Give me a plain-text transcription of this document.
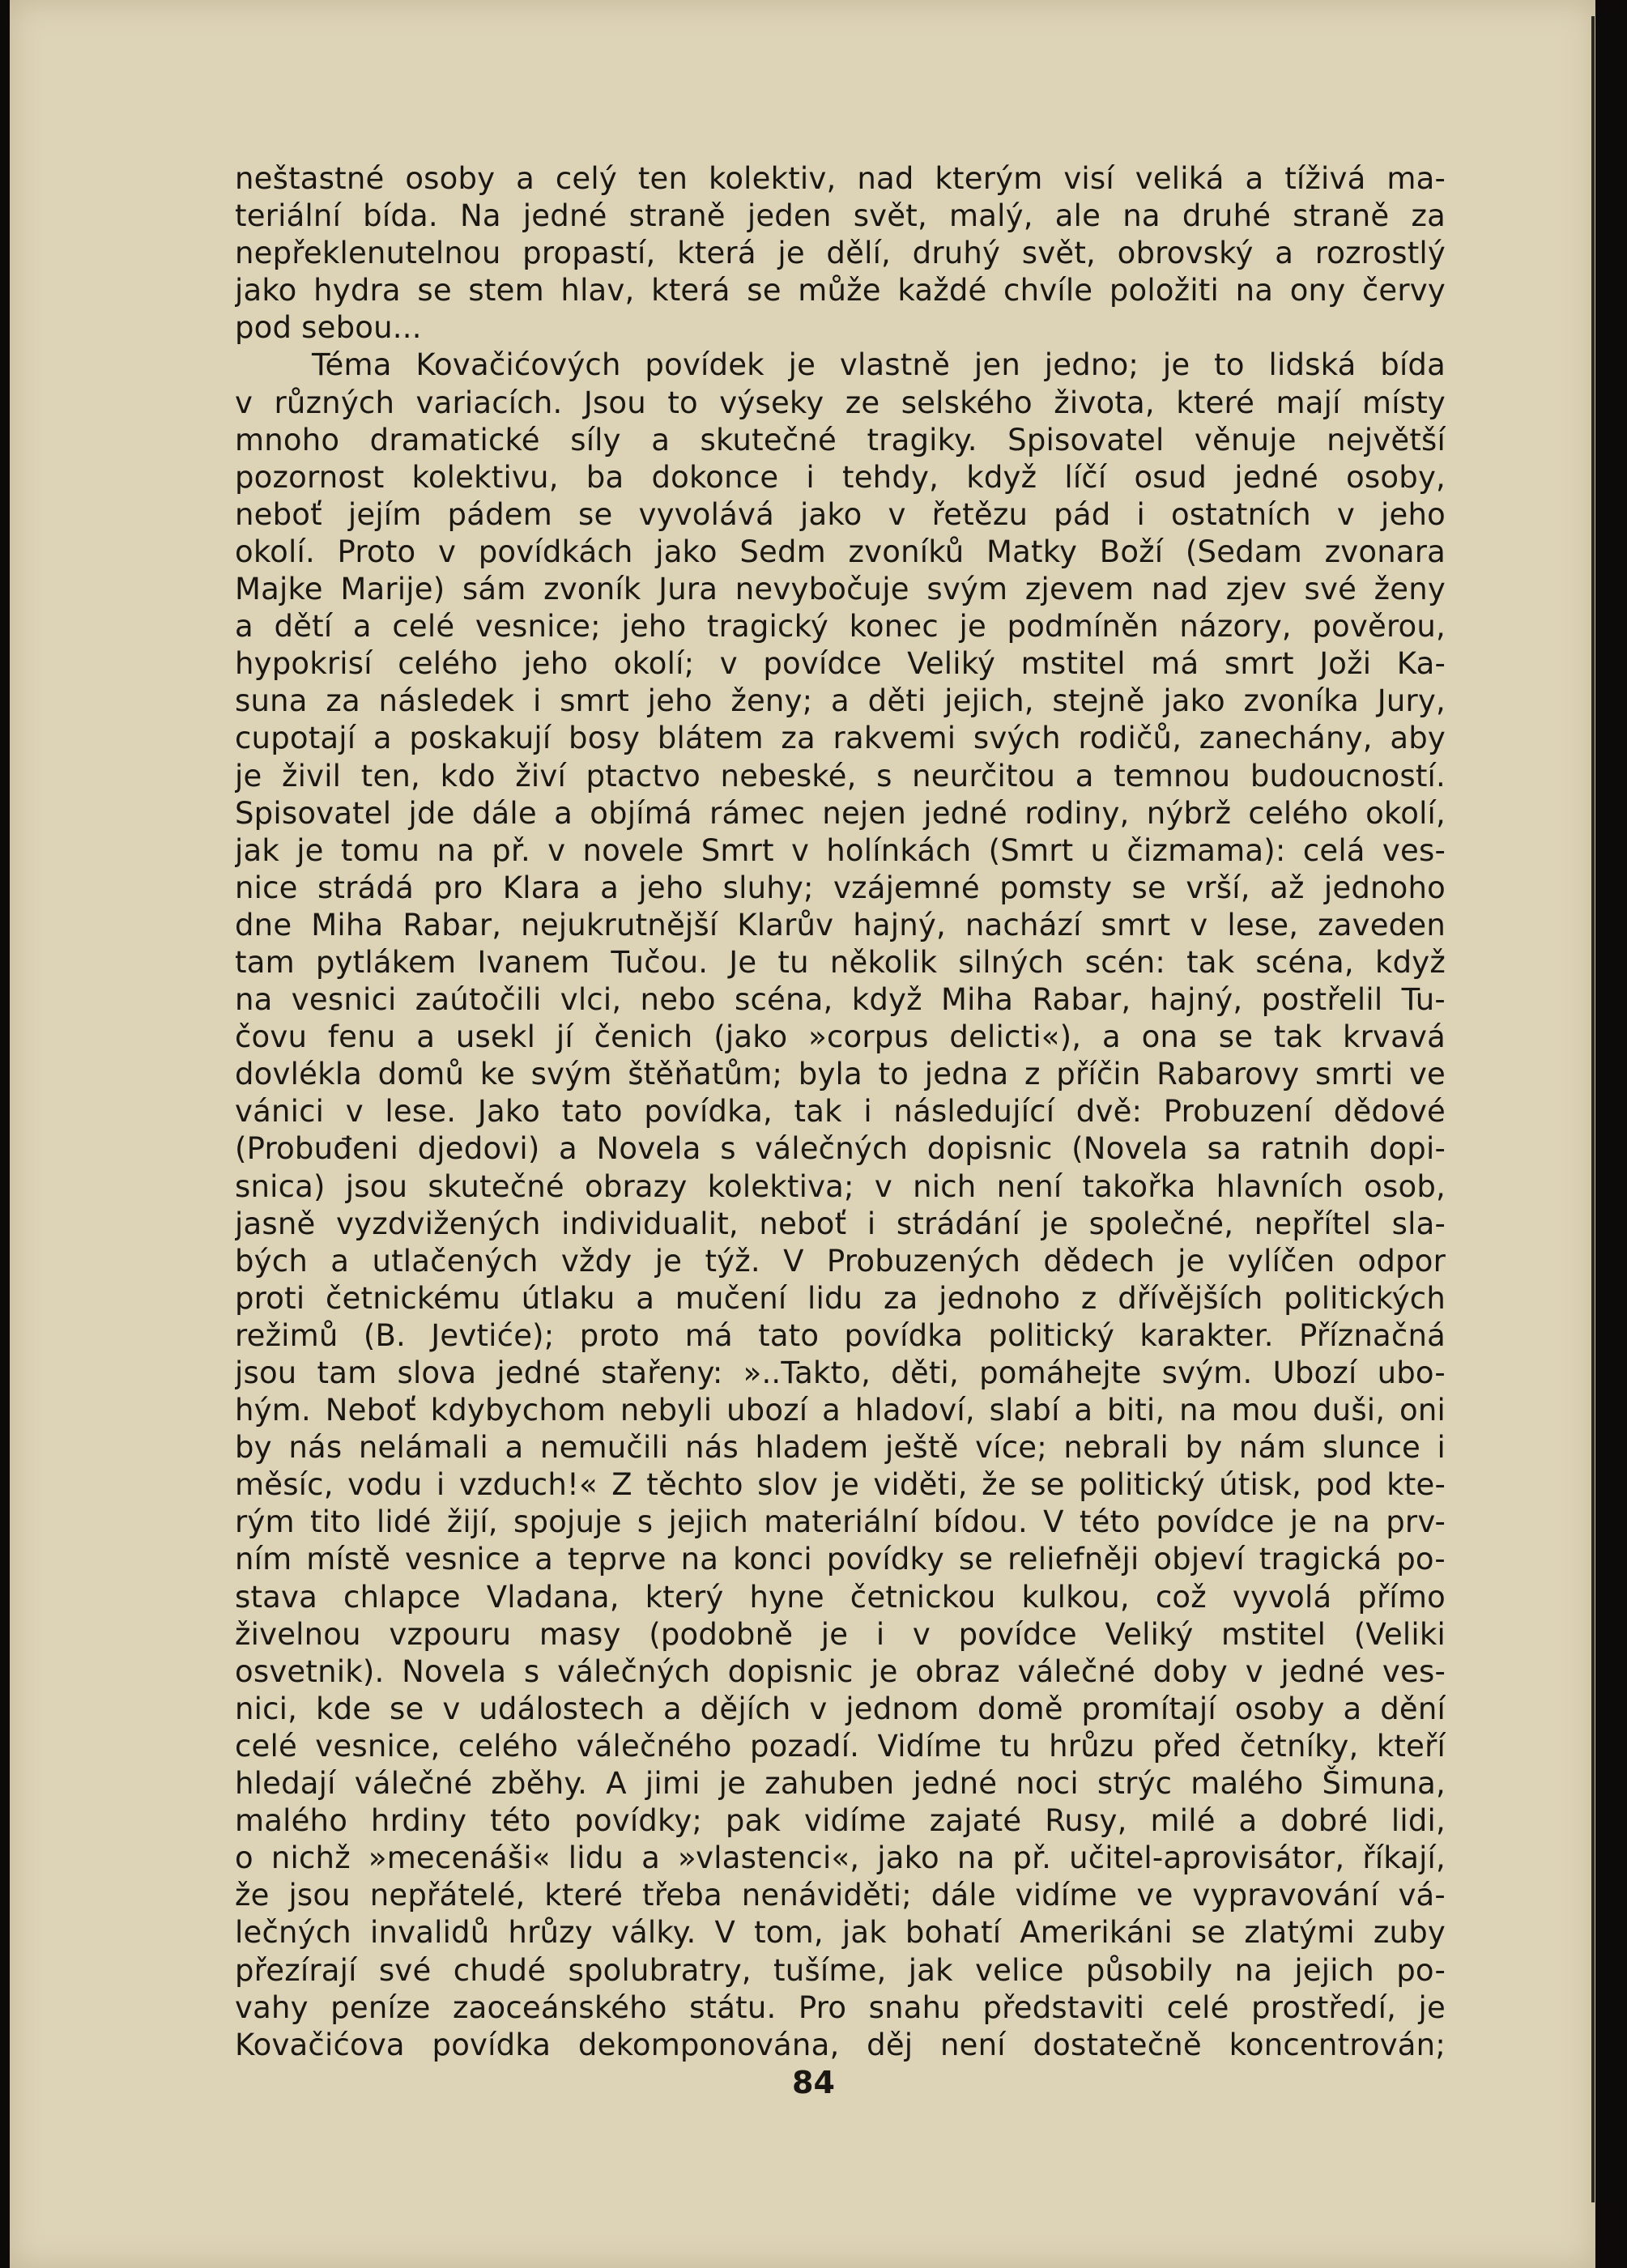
neštastné osoby a celý ten kolektiv, nad kterým visí veliká a tíživá ma-
teriální bída. Na jedné straně jeden svět, malý, ale na druhé straně za
nepřeklenutelnou propastí, která je dělí, druhý svět, obrovský a rozrostlý
jako hydra se stem hlav, která se může každé chvíle položiti na ony červy
pod sebou...
Téma Kovačićových povídek je vlastně jen jedno; je to lidská bída
v různých variacích. Jsou to výseky ze selského života, které mají místy
mnoho dramatické síly a skutečné tragiky. Spisovatel věnuje největší
pozornost kolektivu, ba dokonce i tehdy, když líčí osud jedné osoby,
neboť jejím pádem se vyvolává jako v řetězu pád i ostatních v jeho
okolí. Proto v povídkách jako Sedm zvoníků Matky Boží (Sedam zvonara
Majke Marije) sám zvoník Jura nevybočuje svým zjevem nad zjev své ženy
a dětí a celé vesnice; jeho tragický konec je podmíněn názory, pověrou,
hypokrisí celého jeho okolí; v povídce Veliký mstitel má smrt Joži Ka-
suna za následek i smrt jeho ženy; a děti jejich, stejně jako zvoníka Jury,
cupotají a poskakují bosy blátem za rakvemi svých rodičů, zanechány, aby
je živil ten, kdo živí ptactvo nebeské, s neurčitou a temnou budoucností.
Spisovatel jde dále a objímá rámec nejen jedné rodiny, nýbrž celého okolí,
jak je tomu na př. v novele Smrt v holínkách (Smrt u čizmama): celá ves-
nice strádá pro Klara a jeho sluhy; vzájemné pomsty se vrší, až jednoho
dne Miha Rabar, nejukrutnější Klarův hajný, nachází smrt v lese, zaveden
tam pytlákem Ivanem Tučou. Je tu několik silných scén: tak scéna, když
na vesnici zaútočili vlci, nebo scéna, když Miha Rabar, hajný, postřelil Tu-
čovu fenu a usekl jí čenich (jako »corpus delicti«), a ona se tak krvavá
dovlékla domů ke svým štěňatům; byla to jedna z příčin Rabarovy smrti ve
vánici v lese. Jako tato povídka, tak i následující dvě: Probuzení dědové
(Probuđeni djedovi) a Novela s válečných dopisnic (Novela sa ratnih dopi-
snica) jsou skutečné obrazy kolektiva; v nich není takořka hlavních osob,
jasně vyzdvižených individualit, neboť i strádání je společné, nepřítel sla-
bých a utlačených vždy je týž. V Probuzených dědech je vylíčen odpor
proti četnickému útlaku a mučení lidu za jednoho z dřívějších politických
režimů (B. Jevtiće); proto má tato povídka politický karakter. Příznačná
jsou tam slova jedné stařeny: »..Takto, děti, pomáhejte svým. Ubozí ubo-
hým. Neboť kdybychom nebyli ubozí a hladoví, slabí a biti, na mou duši, oni
by nás nelámali a nemučili nás hladem ještě více; nebrali by nám slunce i
měsíc, vodu i vzduch!« Z těchto slov je viděti, že se politický útisk, pod kte-
rým tito lidé žijí, spojuje s jejich materiální bídou. V této povídce je na prv-
ním místě vesnice a teprve na konci povídky se reliefněji objeví tragická po-
stava chlapce Vladana, který hyne četnickou kulkou, což vyvolá přímo
živelnou vzpouru masy (podobně je i v povídce Veliký mstitel (Veliki
osvetnik). Novela s válečných dopisnic je obraz válečné doby v jedné ves-
nici, kde se v událostech a dějích v jednom domě promítají osoby a dění
celé vesnice, celého válečného pozadí. Vidíme tu hrůzu před četníky, kteří
hledají válečné zběhy. A jimi je zahuben jedné noci strýc malého Šimuna,
malého hrdiny této povídky; pak vidíme zajaté Rusy, milé a dobré lidi,
o nichž »mecenáši« lidu a »vlastenci«, jako na př. učitel-aprovisátor, říkají,
že jsou nepřátelé, které třeba nenáviděti; dále vidíme ve vypravování vá-
lečných invalidů hrůzy války. V tom, jak bohatí Amerikáni se zlatými zuby
přezírají své chudé spolubratry, tušíme, jak velice působily na jejich po-
vahy peníze zaoceánského státu. Pro snahu představiti celé prostředí, je
Kovačićova povídka dekomponována, děj není dostatečně koncentrován;
84
